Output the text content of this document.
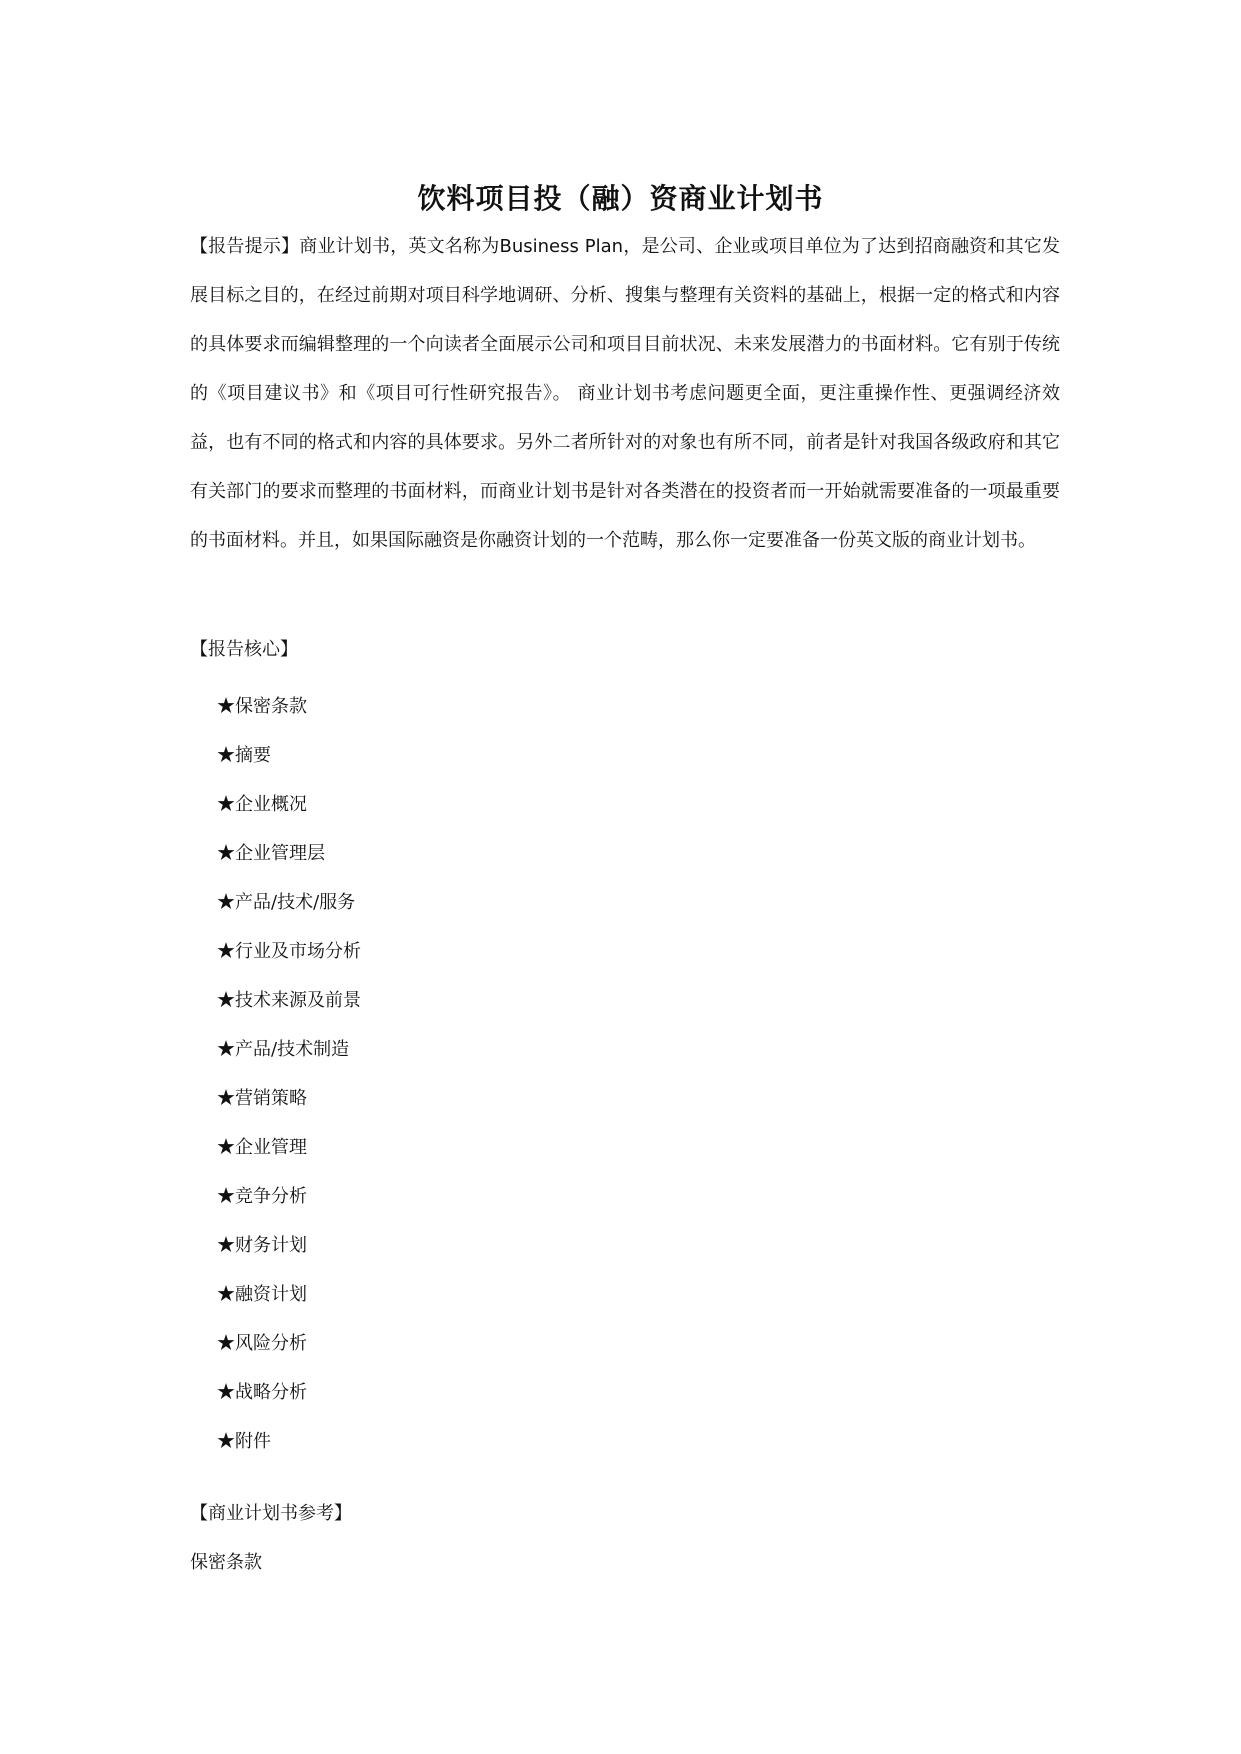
饮料项目投（融）资商业计划书

【报告提示】商业计划书，英文名称为Business Plan，是公司、企业或项目单位为了达到招商融资和其它发展目标之目的，在经过前期对项目科学地调研、分析、搜集与整理有关资料的基础上，根据一定的格式和内容的具体要求而编辑整理的一个向读者全面展示公司和项目目前状况、未来发展潜力的书面材料。它有别于传统的《项目建议书》和《项目可行性研究报告》。 商业计划书考虑问题更全面，更注重操作性、更强调经济效益，也有不同的格式和内容的具体要求。另外二者所针对的对象也有所不同，前者是针对我国各级政府和其它有关部门的要求而整理的书面材料，而商业计划书是针对各类潜在的投资者而一开始就需要准备的一项最重要的书面材料。并且，如果国际融资是你融资计划的一个范畴，那么你一定要准备一份英文版的商业计划书。

【报告核心】

★保密条款
★摘要
★企业概况
★企业管理层
★产品/技术/服务
★行业及市场分析
★技术来源及前景
★产品/技术制造
★营销策略
★企业管理
★竞争分析
★财务计划
★融资计划
★风险分析
★战略分析
★附件

【商业计划书参考】

保密条款
